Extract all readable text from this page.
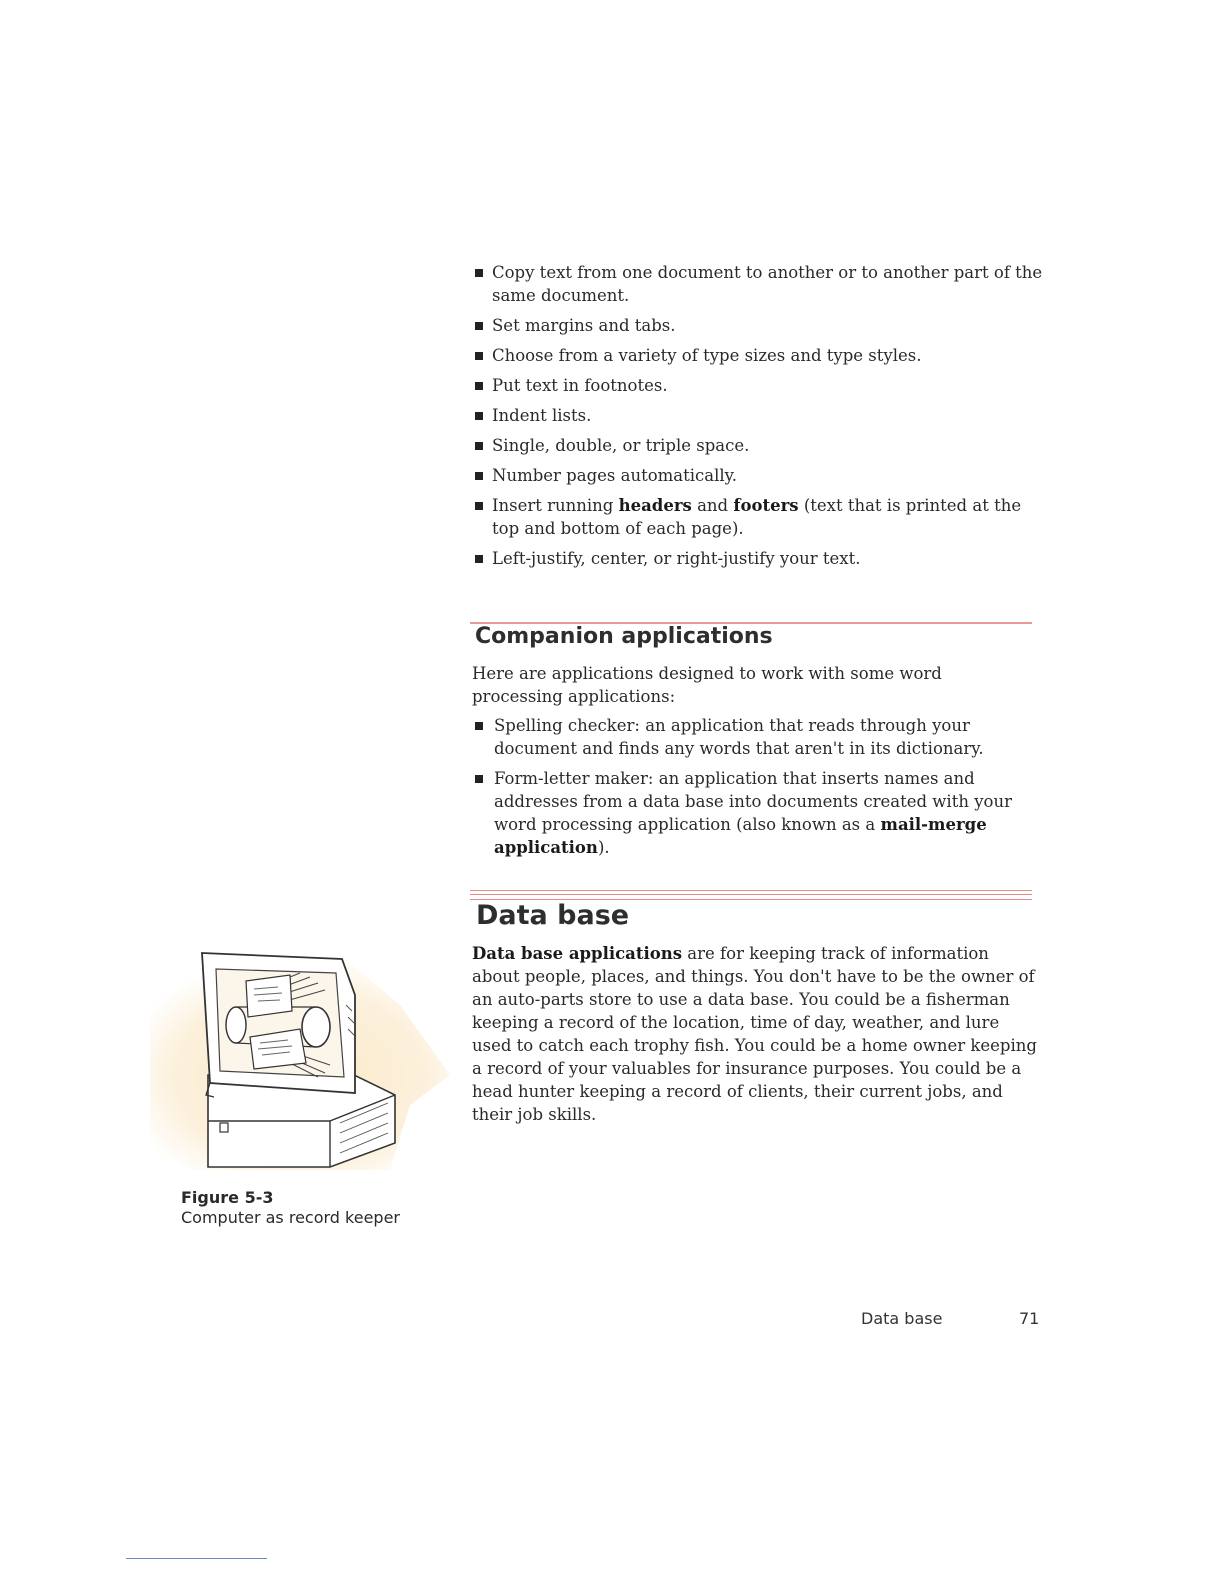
Copy text from one document to another or to another part of the same document.
Set margins and tabs.
Choose from a variety of type sizes and type styles.
Put text in footnotes.
Indent lists.
Single, double, or triple space.
Number pages automatically.
Insert running headers and footers (text that is printed at the top and bottom of each page).
Left-justify, center, or right-justify your text.
Companion applications

Here are applications designed to work with some word processing applications:

Spelling checker: an application that reads through your document and finds any words that aren't in its dictionary.
Form-letter maker: an application that inserts names and addresses from a data base into documents created with your word processing application (also known as a mail-merge application).
Data base

Data base applications are for keeping track of information about people, places, and things. You don't have to be the owner of an auto-parts store to use a data base. You could be a fisherman keeping a record of the location, time of day, weather, and lure used to catch each trophy fish. You could be a home owner keeping a record of your valuables for insurance purposes. You could be a head hunter keeping a record of clients, their current jobs, and their job skills.

Figure 5-3
Computer as record keeper
Data base	71
